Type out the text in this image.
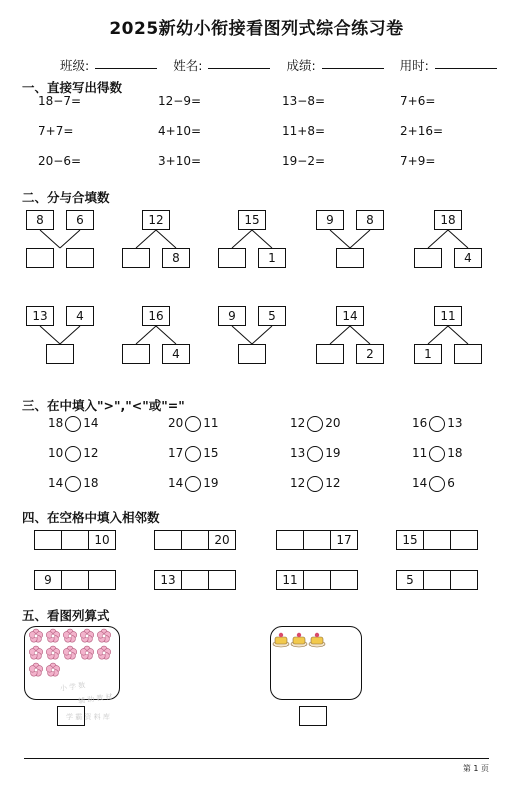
2025新幼小衔接看图列式综合练习卷
班级:	姓名:	成绩:	用时:
一、直接写出得数
18−7=	12−9=	13−8=	7+6=
7+7=	4+10=	11+8=	2+16=
20−6=	3+10=	19−2=	7+9=
二、分与合填数
8	6	12
8
15
1
9	8	18
4
13	4	16
4
9	5	14
2
11
1
三、在中填入">","<"或"="
18 14	20 11	12 20	16 13
10 12	17 15	13 19	11 18
14 18	14 19	12 12	14 6
四、在空格中填入相邻数
10	20	17	15
9	13	11	5
五、看图列算式
小 学 数
辅 助 教 材
学 霸 资 料 库
第 1 页
